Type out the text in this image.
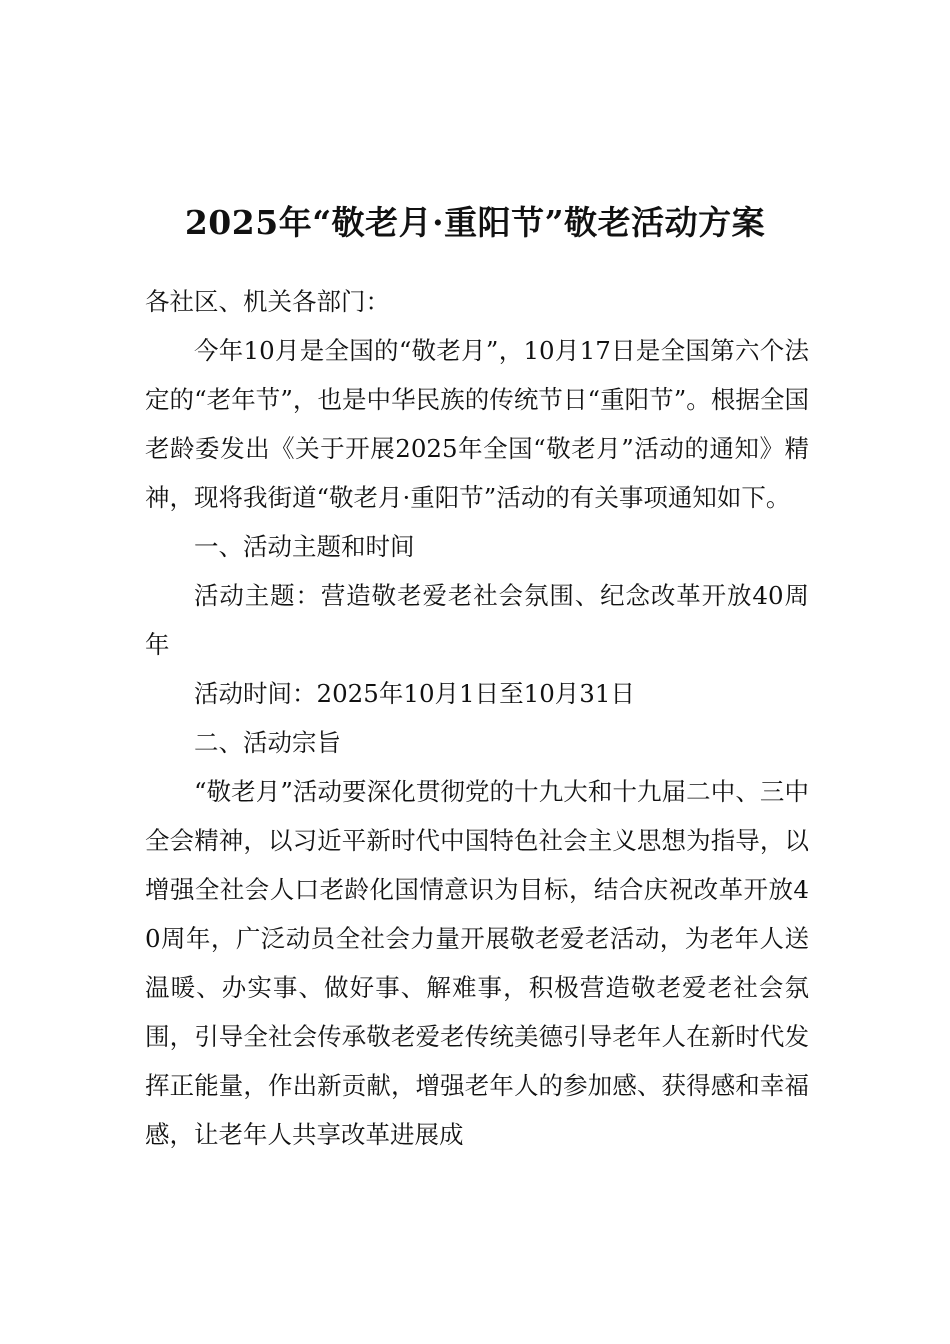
2025年“敬老月·重阳节”敬老活动方案

各社区、机关各部门：

今年10月是全国的“敬老月”，10月17日是全国第六个法定的“老年节”，也是中华民族的传统节日“重阳节”。根据全国老龄委发出《关于开展2025年全国“敬老月”活动的通知》精神，现将我街道“敬老月·重阳节”活动的有关事项通知如下。

一、活动主题和时间

活动主题：营造敬老爱老社会氛围、纪念改革开放40周年

活动时间：2025年10月1日至10月31日

二、活动宗旨

“敬老月”活动要深化贯彻党的十九大和十九届二中、三中全会精神，以习近平新时代中国特色社会主义思想为指导，以增强全社会人口老龄化国情意识为目标，结合庆祝改革开放40周年，广泛动员全社会力量开展敬老爱老活动，为老年人送温暖、办实事、做好事、解难事，积极营造敬老爱老社会氛围，引导全社会传承敬老爱老传统美德引导老年人在新时代发挥正能量，作出新贡献，增强老年人的参加感、获得感和幸福感，让老年人共享改革进展成
